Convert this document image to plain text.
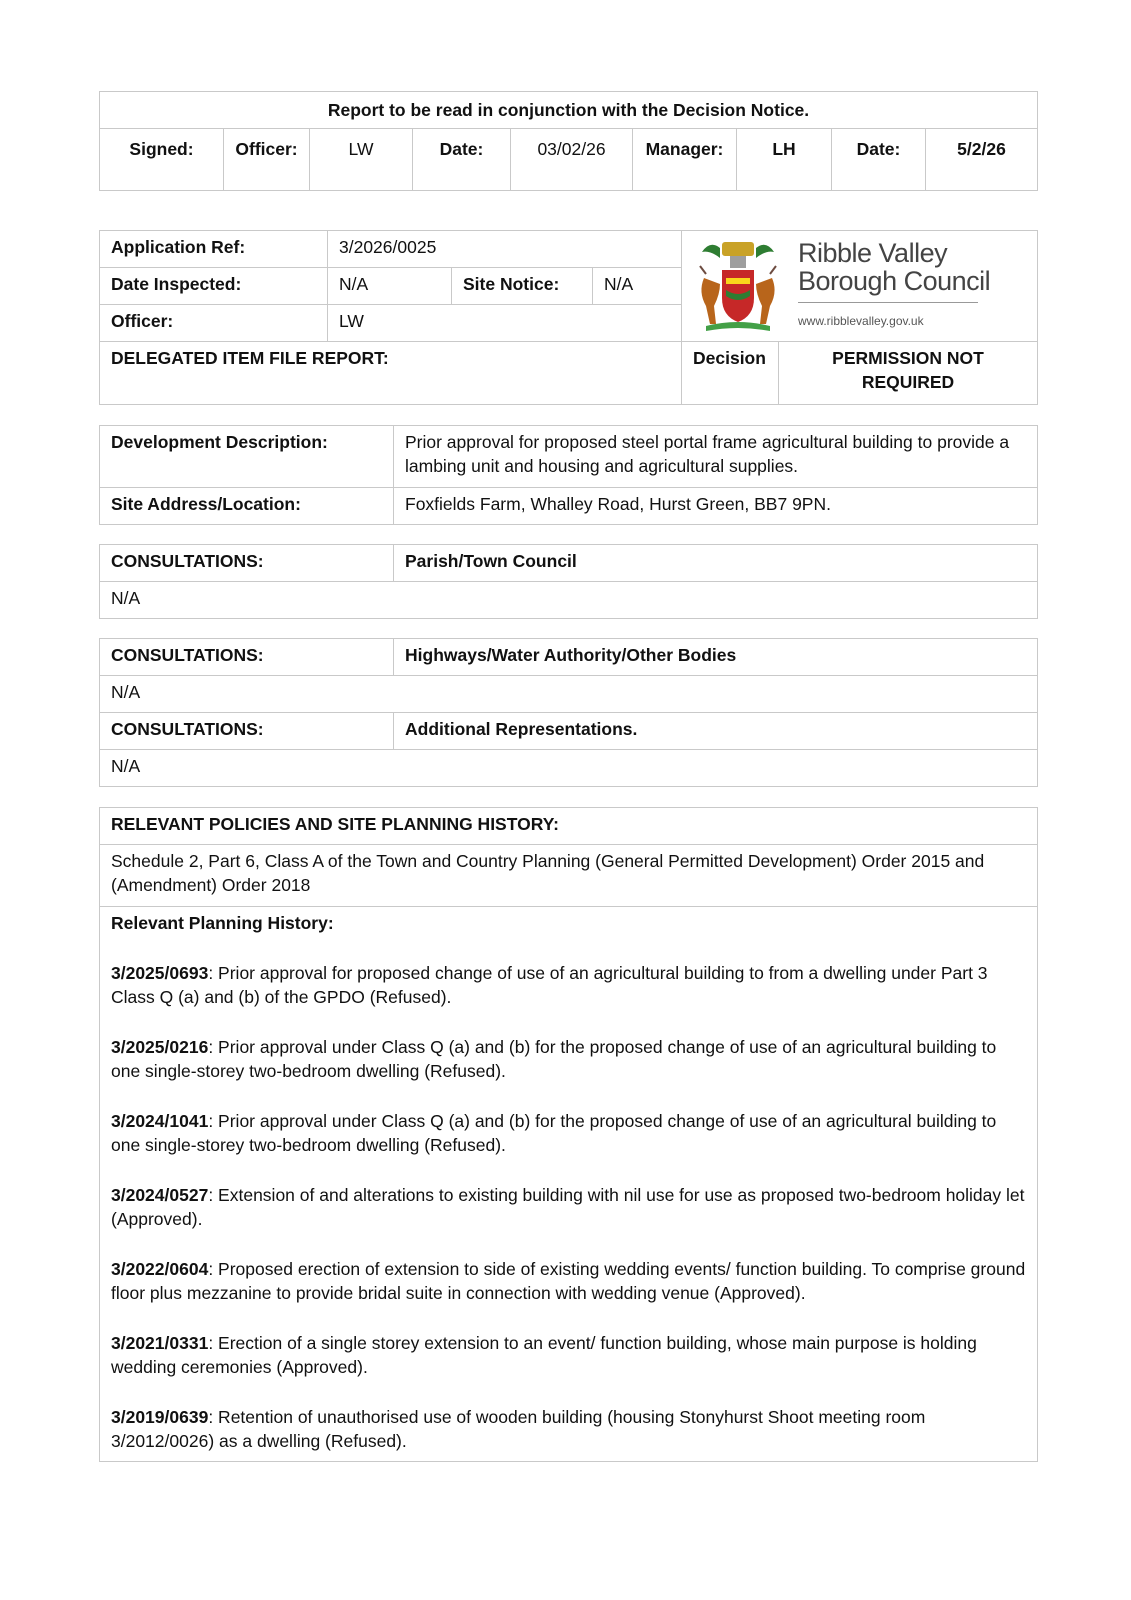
Report to be read in conjunction with the Decision Notice.
Signed:	Officer:	LW	Date:	03/02/26	Manager:	LH	Date:	5/2/26
Application Ref:	3/2026/0025			Ribble Valley
Borough Council
www.ribblevalley.gov.uk	

Date Inspected:	N/A	Site Notice:	N/A		
Officer:	LW				
DELEGATED ITEM FILE REPORT:				Decision	PERMISSION NOT REQUIRED
Development Description:	Prior approval for proposed steel portal frame agricultural building to provide a lambing unit and housing and agricultural supplies.
Site Address/Location:	Foxfields Farm, Whalley Road, Hurst Green, BB7 9PN.
CONSULTATIONS:	Parish/Town Council
N/A
CONSULTATIONS:	Highways/Water Authority/Other Bodies
N/A	
CONSULTATIONS:	Additional Representations.
N/A	
RELEVANT POLICIES AND SITE PLANNING HISTORY:
Schedule 2, Part 6, Class A of the Town and Country Planning (General Permitted Development) Order 2015 and (Amendment) Order 2018

Relevant Planning History:

3/2025/0693: Prior approval for proposed change of use of an agricultural building to from a dwelling under Part 3 Class Q (a) and (b) of the GPDO (Refused).

3/2025/0216: Prior approval under Class Q (a) and (b) for the proposed change of use of an agricultural building to one single-storey two-bedroom dwelling (Refused).

3/2024/1041: Prior approval under Class Q (a) and (b) for the proposed change of use of an agricultural building to one single-storey two-bedroom dwelling (Refused).

3/2024/0527: Extension of and alterations to existing building with nil use for use as proposed two-bedroom holiday let (Approved).

3/2022/0604: Proposed erection of extension to side of existing wedding events/ function building. To comprise ground floor plus mezzanine to provide bridal suite in connection with wedding venue (Approved).

3/2021/0331: Erection of a single storey extension to an event/ function building, whose main purpose is holding wedding ceremonies (Approved).

3/2019/0639: Retention of unauthorised use of wooden building (housing Stonyhurst Shoot meeting room 3/2012/0026) as a dwelling (Refused).
